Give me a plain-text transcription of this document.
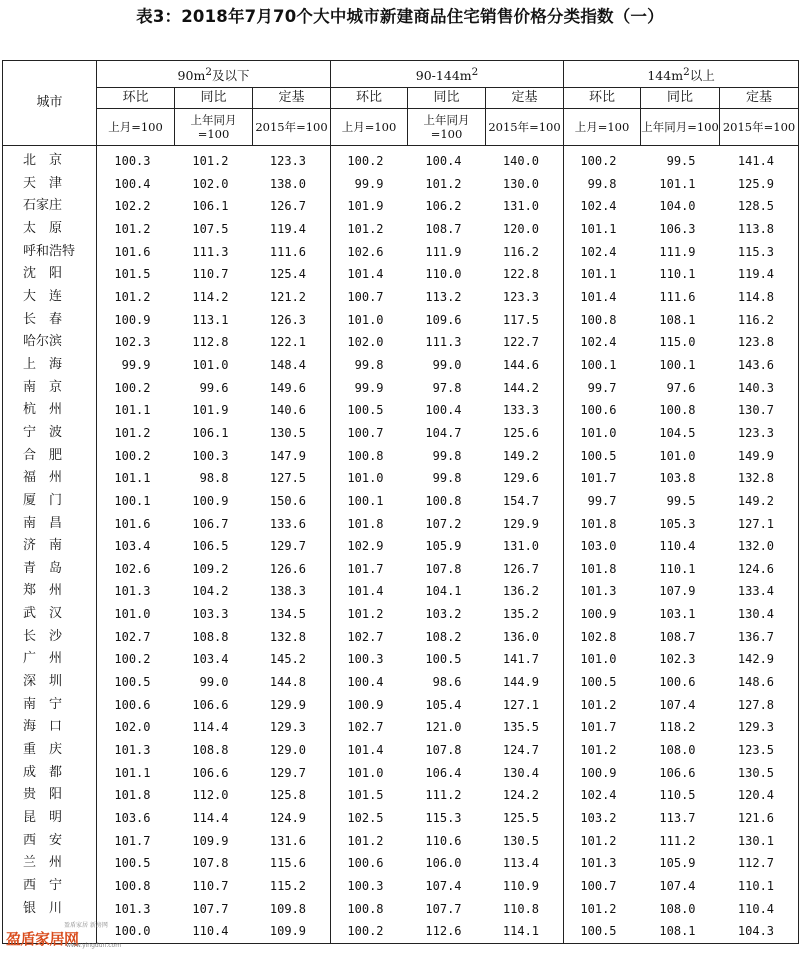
表3：2018年7月70个大中城市新建商品住宅销售价格分类指数（一）
城市	$90m^2$及以下			$90-144m^2$			$144m^2$以上		
	环比	同比	定基	环比	同比	定基	环比	同比	定基
	上月=100	上年同月=100	2015年=100	上月=100	上年同月=100	2015年=100	上月=100	上年同月=100	2015年=100
北　京	100.3	101.2	123.3	100.2	100.4	140.0	100.2	99.5	141.4
天　津	100.4	102.0	138.0	99.9	101.2	130.0	99.8	101.1	125.9
石家庄	102.2	106.1	126.7	101.9	106.2	131.0	102.4	104.0	128.5
太　原	101.2	107.5	119.4	101.2	108.7	120.0	101.1	106.3	113.8
呼和浩特	101.6	111.3	111.6	102.6	111.9	116.2	102.4	111.9	115.3
沈　阳	101.5	110.7	125.4	101.4	110.0	122.8	101.1	110.1	119.4
大　连	101.2	114.2	121.2	100.7	113.2	123.3	101.4	111.6	114.8
长　春	100.9	113.1	126.3	101.0	109.6	117.5	100.8	108.1	116.2
哈尔滨	102.3	112.8	122.1	102.0	111.3	122.7	102.4	115.0	123.8
上　海	99.9	101.0	148.4	99.8	99.0	144.6	100.1	100.1	143.6
南　京	100.2	99.6	149.6	99.9	97.8	144.2	99.7	97.6	140.3
杭　州	101.1	101.9	140.6	100.5	100.4	133.3	100.6	100.8	130.7
宁　波	101.2	106.1	130.5	100.7	104.7	125.6	101.0	104.5	123.3
合　肥	100.2	100.3	147.9	100.8	99.8	149.2	100.5	101.0	149.9
福　州	101.1	98.8	127.5	101.0	99.8	129.6	101.7	103.8	132.8
厦　门	100.1	100.9	150.6	100.1	100.8	154.7	99.7	99.5	149.2
南　昌	101.6	106.7	133.6	101.8	107.2	129.9	101.8	105.3	127.1
济　南	103.4	106.5	129.7	102.9	105.9	131.0	103.0	110.4	132.0
青　岛	102.6	109.2	126.6	101.7	107.8	126.7	101.8	110.1	124.6
郑　州	101.3	104.2	138.3	101.4	104.1	136.2	101.3	107.9	133.4
武　汉	101.0	103.3	134.5	101.2	103.2	135.2	100.9	103.1	130.4
长　沙	102.7	108.8	132.8	102.7	108.2	136.0	102.8	108.7	136.7
广　州	100.2	103.4	145.2	100.3	100.5	141.7	101.0	102.3	142.9
深　圳	100.5	99.0	144.8	100.4	98.6	144.9	100.5	100.6	148.6
南　宁	100.6	106.6	129.9	100.9	105.4	127.1	101.2	107.4	127.8
海　口	102.0	114.4	129.3	102.7	121.0	135.5	101.7	118.2	129.3
重　庆	101.3	108.8	129.0	101.4	107.8	124.7	101.2	108.0	123.5
成　都	101.1	106.6	129.7	101.0	106.4	130.4	100.9	106.6	130.5
贵　阳	101.8	112.0	125.8	101.5	111.2	124.2	102.4	110.5	120.4
昆　明	103.6	114.4	124.9	102.5	115.3	125.5	103.2	113.7	121.6
西　安	101.7	109.9	131.6	101.2	110.6	130.5	101.2	111.2	130.1
兰　州	100.5	107.8	115.6	100.6	106.0	113.4	101.3	105.9	112.7
西　宁	100.8	110.7	115.2	100.3	107.4	110.9	100.7	107.4	110.1
银　川	101.3	107.7	109.8	100.8	107.7	110.8	101.2	108.0	110.4
	100.0	110.4	109.9	100.2	112.6	114.1	100.5	108.1	104.3
盈盾家居 新房网
盈盾家居网
www.yingdun.com
